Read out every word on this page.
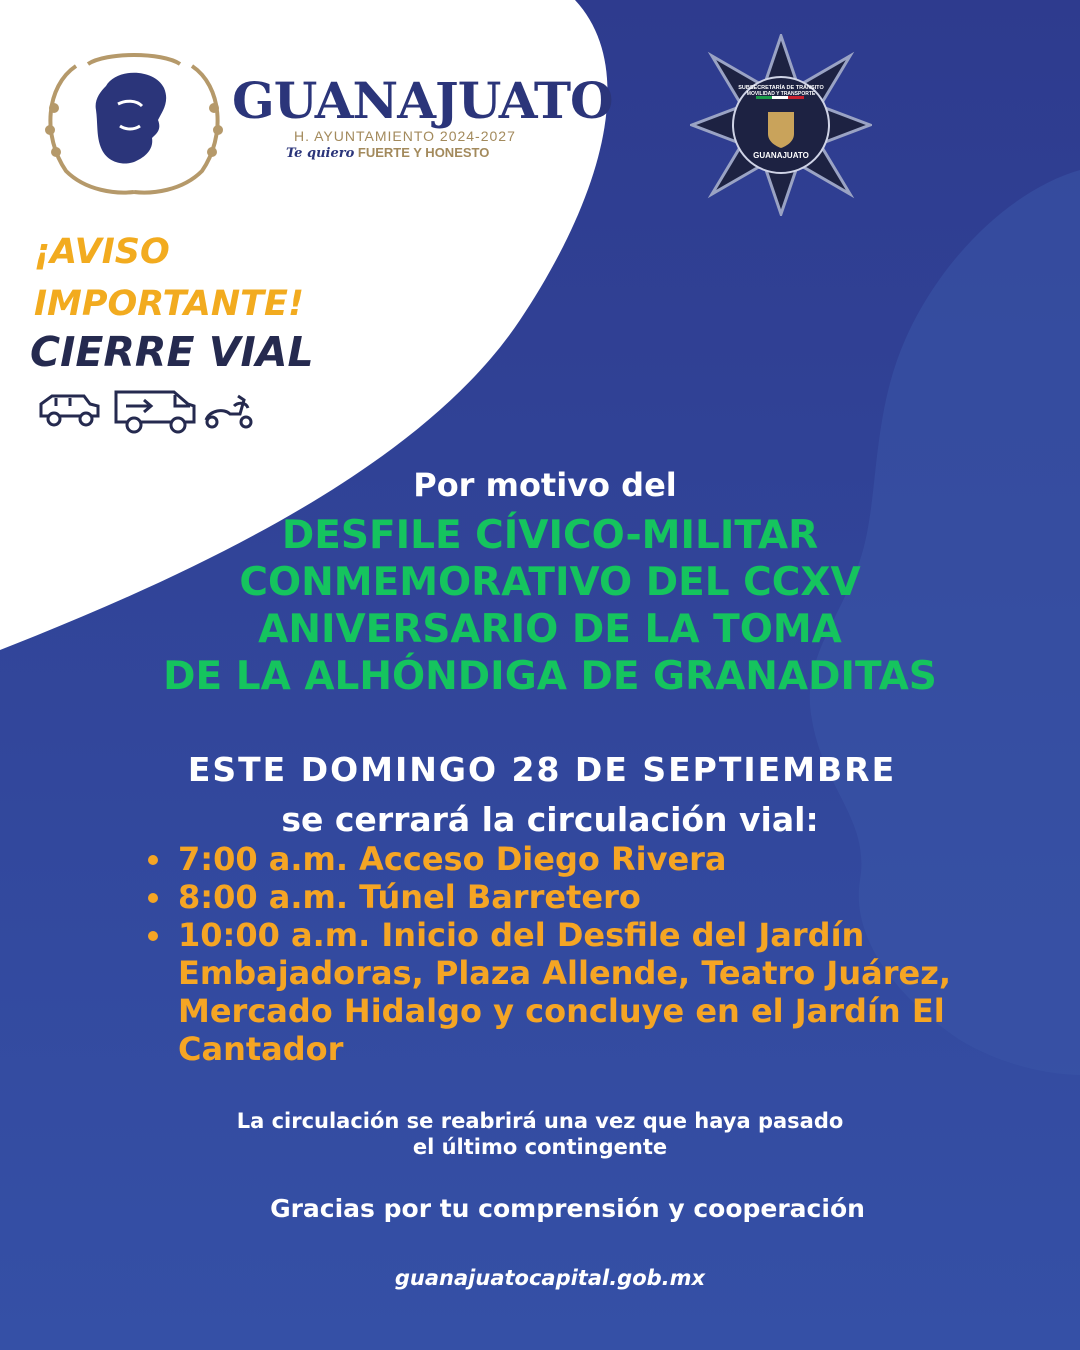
GUANAJUATO
H. AYUNTAMIENTO 2024-2027
Te quiero FUERTE Y HONESTO
SUBSECRETARÍA DE TRÁNSITO
MOVILIDAD Y TRANSPORTE
GUANAJUATO
¡AVISO
IMPORTANTE!
CIERRE VIAL
Por motivo del
DESFILE CÍVICO-MILITAR
CONMEMORATIVO DEL CCXV
ANIVERSARIO DE LA TOMA
DE LA ALHÓNDIGA DE GRANADITAS
ESTE DOMINGO 28 DE SEPTIEMBRE
se cerrará la circulación vial:
7:00 a.m. Acceso Diego Rivera
8:00 a.m. Túnel Barretero
10:00 a.m. Inicio del Desfile del Jardín Embajadoras, Plaza Allende, Teatro Juárez, Mercado Hidalgo y concluye en el Jardín El Cantador
La circulación se reabrirá una vez que haya pasado
el último contingente
Gracias por tu comprensión y cooperación
guanajuatocapital.gob.mx
